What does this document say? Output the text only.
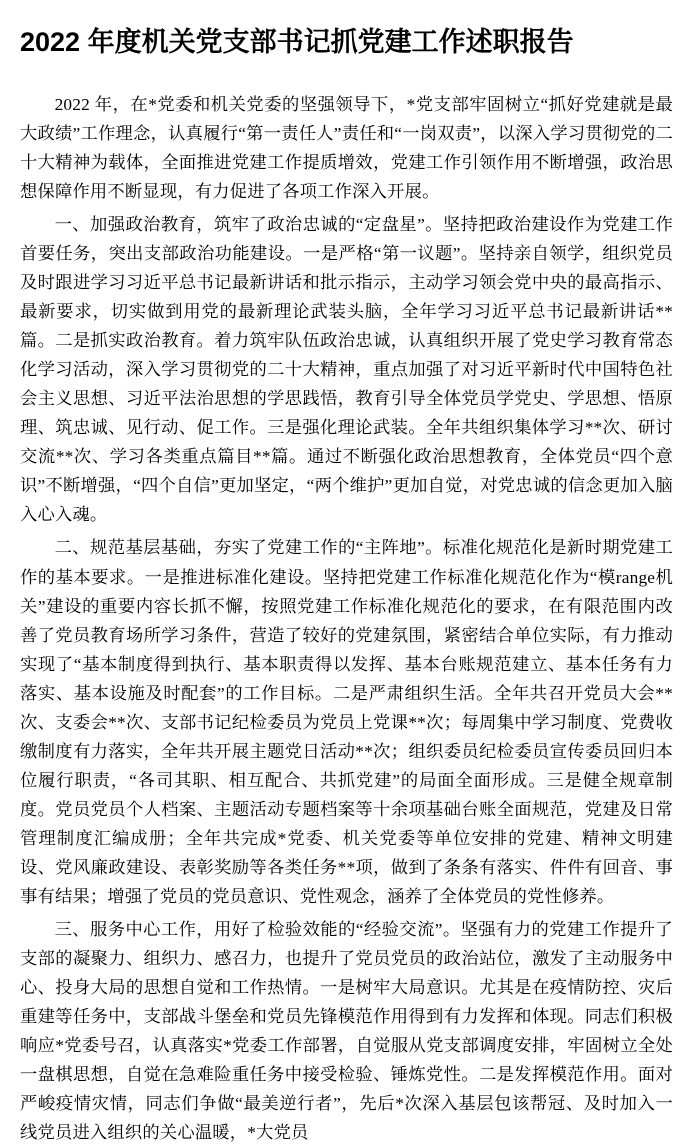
2022 年度机关党支部书记抓党建工作述职报告

2022 年，在*党委和机关党委的坚强领导下，*党支部牢固树立“抓好党建就是最大政绩”工作理念，认真履行“第一责任人”责任和“一岗双责”，以深入学习贯彻党的二十大精神为载体，全面推进党建工作提质增效，党建工作引领作用不断增强，政治思想保障作用不断显现，有力促进了各项工作深入开展。

一、加强政治教育，筑牢了政治忠诚的“定盘星”。坚持把政治建设作为党建工作首要任务，突出支部政治功能建设。一是严格“第一议题”。坚持亲自领学，组织党员及时跟进学习习近平总书记最新讲话和批示指示，主动学习领会党中央的最高指示、最新要求，切实做到用党的最新理论武装头脑，全年学习习近平总书记最新讲话**篇。二是抓实政治教育。着力筑牢队伍政治忠诚，认真组织开展了党史学习教育常态化学习活动，深入学习贯彻党的二十大精神，重点加强了对习近平新时代中国特色社会主义思想、习近平法治思想的学思践悟，教育引导全体党员学党史、学思想、悟原理、筑忠诚、见行动、促工作。三是强化理论武装。全年共组织集体学习**次、研讨交流**次、学习各类重点篇目**篇。通过不断强化政治思想教育，全体党员“四个意识”不断增强，“四个自信”更加坚定，“两个维护”更加自觉，对党忠诚的信念更加入脑入心入魂。

二、规范基层基础，夯实了党建工作的“主阵地”。标准化规范化是新时期党建工作的基本要求。一是推进标准化建设。坚持把党建工作标准化规范化作为“模range机关”建设的重要内容长抓不懈，按照党建工作标准化规范化的要求，在有限范围内改善了党员教育场所学习条件，营造了较好的党建氛围，紧密结合单位实际，有力推动实现了“基本制度得到执行、基本职责得以发挥、基本台账规范建立、基本任务有力落实、基本设施及时配套”的工作目标。二是严肃组织生活。全年共召开党员大会**次、支委会**次、支部书记纪检委员为党员上党课**次；每周集中学习制度、党费收缴制度有力落实，全年共开展主题党日活动**次；组织委员纪检委员宣传委员回归本位履行职责，“各司其职、相互配合、共抓党建”的局面全面形成。三是健全规章制度。党员党员个人档案、主题活动专题档案等十余项基础台账全面规范，党建及日常管理制度汇编成册；全年共完成*党委、机关党委等单位安排的党建、精神文明建设、党风廉政建设、表彰奖励等各类任务**项，做到了条条有落实、件件有回音、事事有结果；增强了党员的党员意识、党性观念，涵养了全体党员的党性修养。

三、服务中心工作，用好了检验效能的“经验交流”。坚强有力的党建工作提升了支部的凝聚力、组织力、感召力，也提升了党员党员的政治站位，激发了主动服务中心、投身大局的思想自觉和工作热情。一是树牢大局意识。尤其是在疫情防控、灾后重建等任务中，支部战斗堡垒和党员先锋模范作用得到有力发挥和体现。同志们积极响应*党委号召，认真落实*党委工作部署，自觉服从党支部调度安排，牢固树立全处一盘棋思想，自觉在急难险重任务中接受检验、锤炼党性。二是发挥模范作用。面对严峻疫情灾情，同志们争做“最美逆行者”，先后*次深入基层包该帮冠、及时加入一线党员进入组织的关心温暖，*大党员
